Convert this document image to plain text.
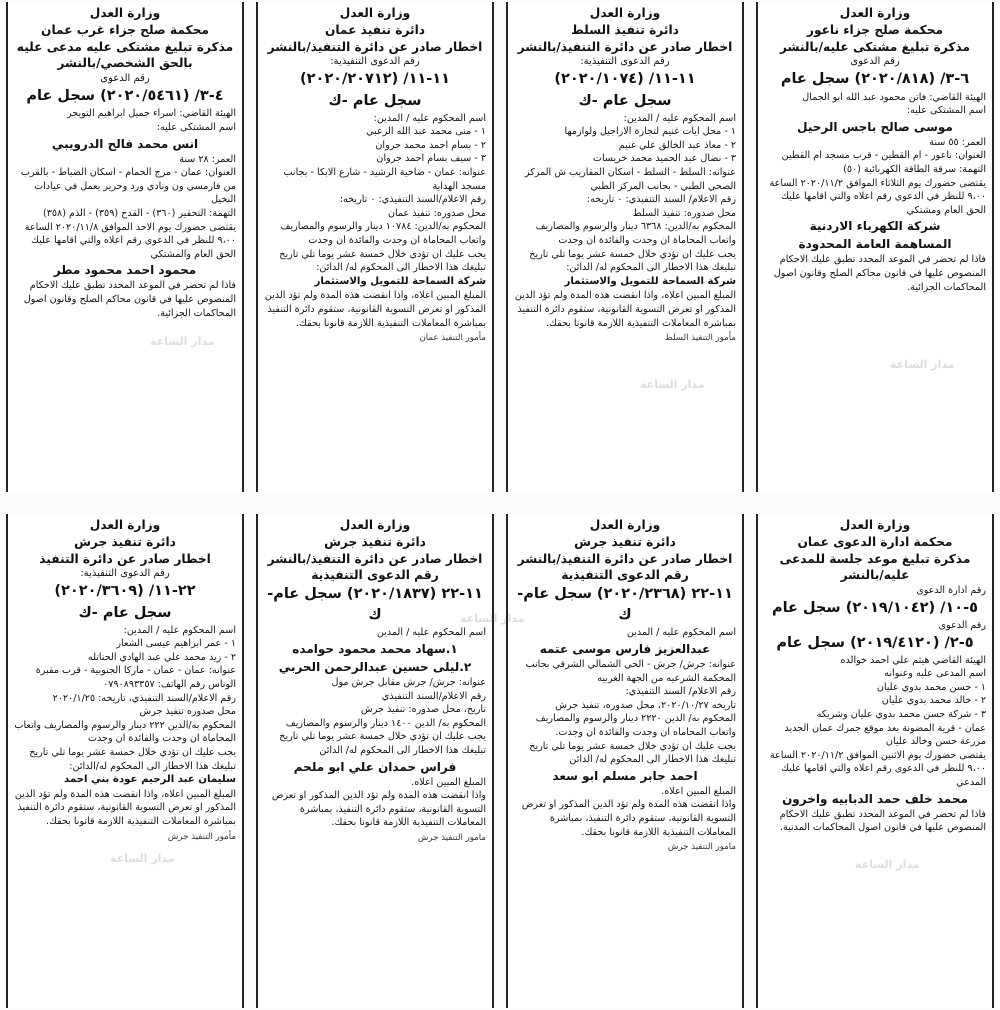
وزارة العدل
محكمة صلح جزاء ناعور
مذكرة تبليغ مشتكى عليه/بالنشر
رقم الدعوى
٦-٣/ (٢٠٢٠/٨١٨) سجل عام
الهيئة القاضي: فاتن محمود عبد الله ابو الجمال
اسم المشتكى عليه:
موسى صالح باجس الرحيل
العمر: ٥٥ سنة
العنوان: ناعور - ام القطين - قرب مسجد ام القطين
التهمة: سرقة الطاقة الكهربائية (٥٠)
يقتضى حضورك يوم الثلاثاء الموافق ٢٠٢٠/١١/٢ الساعة ٩،٠٠ للنظر في الدعوى رقم اعلاه والتي اقامها عليك الحق العام ومشتكي
شركة الكهرباء الاردنية
المساهمة العامة المحدودة
فاذا لم تحضر في الموعد المحدد تطبق عليك الاحكام المنصوص عليها في قانون محاكم الصلح وقانون اصول المحاكمات الجزائية.
وزارة العدل
دائرة تنفيذ السلط
اخطار صادر عن دائرة التنفيذ/بالنشر
رقم الدعوى التنفيذية:
١١-١١/ (٢٠٢٠/١٠٧٤)
سجل عام -ك
اسم المحكوم عليه / المدين:
١ - محل ايات غنيم لتجارة الاراجيل ولوازمها
٢ - معاذ عبد الخالق علي غنيم
٣ - نضال عبد الحميد محمد خريسات
عنوانه: السلط - السلط - اسكان المقاريب ش المركز الصحي الطبي - بجانب المركز الطبي
رقم الاعلام/ السند التنفيذي: ٠ تاريخه:
محل صدوره: تنفيذ السلط
المحكوم به/الدين: ٦٣٦٨ دينار والرسوم والمصاريف واتعاب المحاماة ان وجدت والفائدة ان وجدت
يجب عليك ان تؤدي خلال خمسة عشر يوما تلي تاريخ تبليغك هذا الاخطار الى المحكوم له/ الدائن:
شركة السماحة للتمويل والاستثمار
المبلغ المبين اعلاه، واذا انقضت هذه المدة ولم تؤد الدين المذكور او تعرض التسوية القانونية، ستقوم دائرة التنفيذ بمباشرة المعاملات التنفيذية اللازمة قانونا بحقك.
مأمور التنفيذ السلط
وزارة العدل
دائرة تنفيذ عمان
اخطار صادر عن دائرة التنفيذ/بالنشر
رقم الدعوى التنفيذية:
١١-١١/ (٢٠٢٠/٢٠٧١٢)
سجل عام -ك
اسم المحكوم عليه / المدين:
١ - منى محمد عبد الله الزعبي
٢ - بسام احمد محمد جروان
٣ - سيف بسام احمد جروان
عنوانه: عمان - ضاحية الرشيد - شارع الابكا - بجانب مسجد الهداية
رقم الاعلام/السند التنفيذي: ٠ تاريخه:
محل صدوره: تنفيذ عمان
المحكوم به/الدين: ١٠٧٨٤ دينار والرسوم والمصاريف واتعاب المحاماة ان وجدت والفائدة ان وجدت
يجب عليك ان تؤدي خلال خمسة عشر يوما تلي تاريخ تبليغك هذا الاخطار الى المحكوم له/ الدائن:
شركة السماحة للتمويل والاستثمار
المبلغ المبين اعلاه، واذا انقضت هذه المدة ولم تؤد الدين المذكور او تعرض التسوية القانونية، ستقوم دائرة التنفيذ بمباشرة المعاملات التنفيذية اللازمة قانونا بحقك.
مأمور التنفيذ عمان
وزارة العدل
محكمة صلح جزاء غرب عمان
مذكرة تبليغ مشتكى عليه مدعى عليه بالحق الشخصي/بالنشر
رقم الدعوى
٤-٣/ (٢٠٢٠/٥٤٦١) سجل عام
الهيئة القاضي: اسراء جميل ابراهيم التويجر
اسم المشتكى عليه:
انس محمد فالح الدرويبي
العمر: ٢٨ سنة
العنوان: عمان - مرج الحمام - اسكان الضباط - بالقرب من فارمسي ون ونادي ورد وحرير يعمل في عيادات النخيل
التهمة: التحقير (٣٦٠) - القدح (٣٥٩) - الذم (٣٥٨)
يقتضى حضورك يوم الاحد الموافق ٢٠٢٠/١١/٨ الساعة ٩،٠٠ للنظر في الدعوى رقم اعلاه والتي اقامها عليك الحق العام والمشتكي
محمود احمد محمود مطر
فاذا لم تحضر في الموعد المحدد تطبق عليك الاحكام المنصوص عليها في قانون محاكم الصلح وقانون اصول المحاكمات الجزائية.
وزارة العدل
محكمة ادارة الدعوى عمان
مذكرة تبليغ موعد جلسة للمدعى عليه/بالنشر
رقم ادارة الدعوى
٥-١٠/ (٢٠١٩/١٠٤٢) سجل عام
رقم الدعوى
٥-٢/ (٢٠١٩/٤١٢٠) سجل عام
الهيئة القاضي هيثم علي احمد خوالده
اسم المدعى عليه وعنوانه
١ - حسن محمد بدوي عليان
٢ - خالد محمد بدوي عليان
٣ - شركة حسن محمد بدوي عليان وشريكه
عمان - قرية المضونة بعد موقع جمرك عمان الجديد مزرعة حسن وخالد عليان
يقتضى حضورك يوم الاثنين الموافق ٢٠٢٠/١١/٢ الساعة ٩،٠٠ للنظر في الدعوى رقم اعلاه والتي اقامها عليك المدعي
محمد خلف حمد الدبابيه واخرون
فاذا لم تحضر في الموعد المحدد تطبق عليك الاحكام المنصوص عليها في قانون اصول المحاكمات المدنية.
وزارة العدل
دائرة تنفيذ جرش
اخطار صادر عن دائرة التنفيذ/بالنشر
رقم الدعوى التنفيذية
١١-٢٢ (٢٠٢٠/٢٣٦٨) سجل عام-ك
اسم المحكوم عليه / المدين
عبدالعزيز فارس موسى عتمه
عنوانه: جرش/ جرش - الحي الشمالي الشرقي بجانب المحكمة الشرعيه من الجهة الغربيه
رقم الاعلام/ السند التنفيذي:
تاريخه ٢٠٢٠/١٠/٢٧، محل صدوره، تنفيذ جرش
المحكوم به/ الدين ٢٢٢٠ دينار والرسوم والمصاريف واتعاب المحاماه ان وجدت والفائدة ان وجدت.
يجب عليك ان تؤدي خلال خمسة عشر يوما تلي تاريخ تبليغك هذا الاخطار الى المحكوم له/ الدائن
احمد جابر مسلم ابو سعد
المبلغ المبين اعلاه.
واذا انقضت هذه المدة ولم تؤد الدين المذكور او تعرض التسوية القانونية، ستقوم دائرة التنفيذ، بمباشرة المعاملات التنفيذية اللازمة قانونا بحقك.
مامور التنفيذ جرش
وزارة العدل
دائرة تنفيذ جرش
اخطار صادر عن دائرة التنفيذ/بالنشر
رقم الدعوى التنفيذية
١١-٢٢ (٢٠٢٠/١٨٣٧) سجل عام-ك
اسم المحكوم عليه / المدين
١.سهاد محمد محمود حوامده
٢.ليلى حسين عبدالرحمن الحربي
عنوانه: جرش/ جرش مقابل جرش مول
رقم الاعلام/السند التنفيذي
تاريخ، محل صدوره: تنفيذ جرش
المحكوم به/ الدين ١٤٠٠ دينار والرسوم والمصاريف
يجب عليك ان تؤدي خلال خمسة عشر يوما تلي تاريخ تبليغك هذا الاخطار الى المحكوم له/ الدائن
فراس حمدان علي ابو ملحم
المبلغ المبين اعلاه.
واذا انقضت هذه المدة ولم تؤد الدين المذكور او تعرض التسوية القانونية، ستقوم دائرة التنفيذ، بمباشرة المعاملات التنفيذية اللازمة قانونا بحقك.
مامور التنفيذ جرش
وزارة العدل
دائرة تنفيذ جرش
اخطار صادر عن دائرة التنفيذ
رقم الدعوى التنفيذية:
٢٢-١١/ (٢٠٢٠/٣٦٠٩)
سجل عام -ك
اسم المحكوم عليه / المدين:
١ - عمر ابراهيم عيسى الشعار
٢ - زيد محمد علي عبد الهادي الحناتله
عنوانه: عمان - عمان - ماركا الجنوبية - قرب مقبرة الوناس رقم الهاتف: ٠٧٩٠٨٩٣٣٥٧
رقم الاعلام/السند التنفيذي، تاريخه: ٢٠٢٠/١/٢٥
محل صدوره تنفيذ جرش
المحكوم به/الدين ٢٢٢ دينار والرسوم والمصاريف واتعاب المحاماة ان وجدت والفائدة ان وجدت
يجب عليك ان تؤدي خلال خمسة عشر يوما تلي تاريخ تبليغك هذا الاخطار الى المحكوم له/الدائن:
سليمان عبد الرحيم عودة بني احمد
المبلغ المبين اعلاه، واذا انقضت هذه المدة ولم تؤد الدين المذكور او تعرض التسوية القانونية، ستقوم دائرة التنفيذ بمباشرة المعاملات التنفيذية اللازمة قانونا بحقك.
مأمور التنفيذ جرش
مدار الساعة
مدار الساعة
مدار الساعة
مدار الساعة
مدار الساعة	مدار الساعة
